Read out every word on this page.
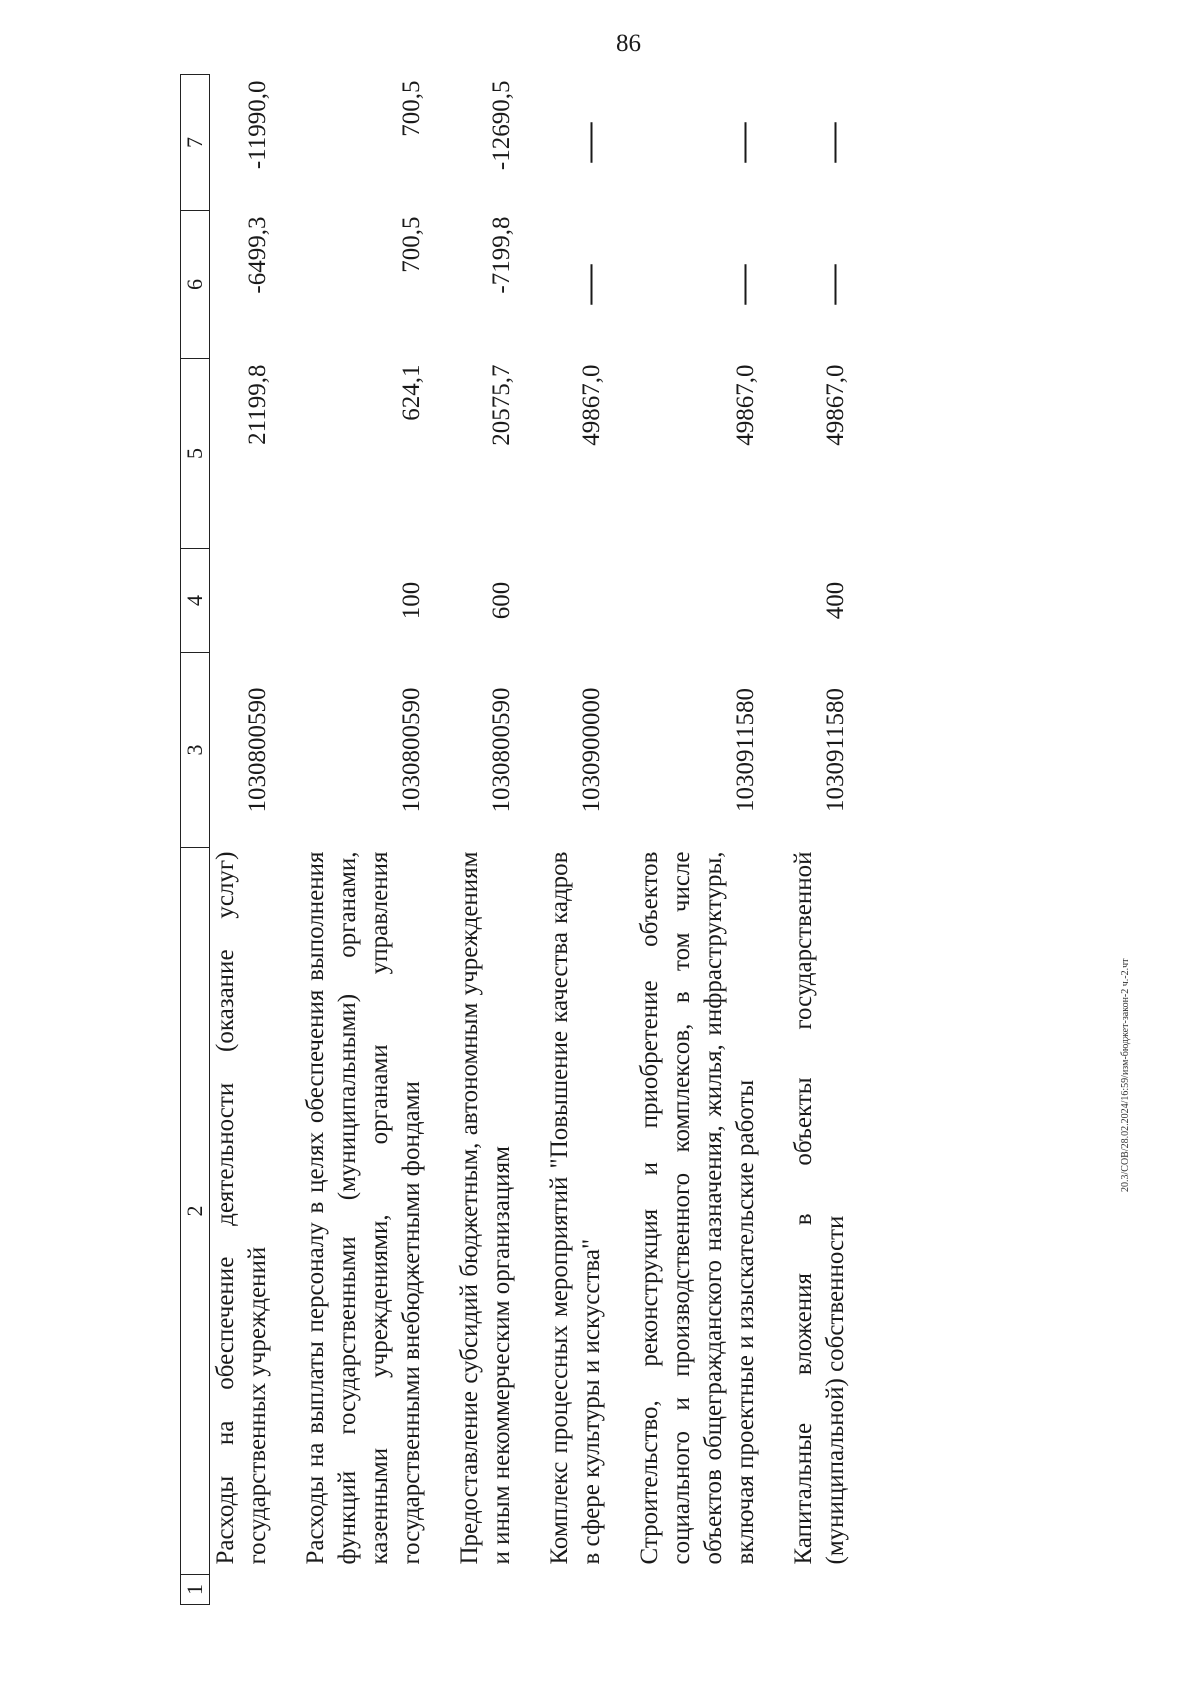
86
20.3/СОВ/28.02.2024/16:59/изм-бюджет-закон-2 ч.-2.чт
1	2	3	4	5	6	7
	Расходы на обеспечение деятельности (оказание услуг) государственных учреждений	1030800590		21199,8	-6499,3	-11990,0

	Расходы на выплаты персоналу в целях обеспечения выполнения функций государственными (муниципальными) органами, казенными учреждениями, органами управления государственными внебюджетными фондами	1030800590	100	624,1	700,5	700,5

	Предоставление субсидий бюджетным, автономным учреждениям и иным некоммерческим организациям	1030800590	600	20575,7	-7199,8	-12690,5

	Комплекс процессных мероприятий "Повышение качества кадров в сфере культуры и искусства"	1030900000		49867,0	—	—

	Строительство, реконструкция и приобретение объектов социального и производственного комплексов, в том числе объектов общегражданского назначения, жилья, инфраструктуры, включая проектные и изыскательские работы	1030911580		49867,0	—	—

	Капитальные вложения в объекты государственной (муниципальной) собственности	1030911580	400	49867,0	—	—
